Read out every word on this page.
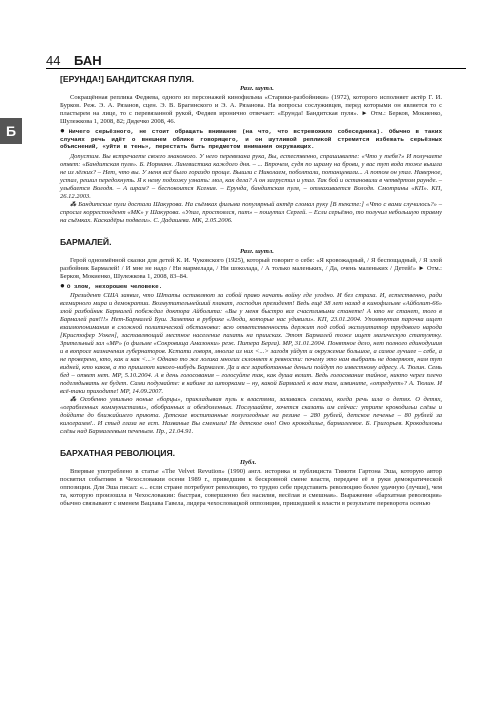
44 БАН
Б
[ЕРУНДА!] БАНДИТСКАЯ ПУЛЯ.
Разг. шутл.

Сокращённая реплика Федяева, одного из персонажей кинофильма «Старики-разбойники» (1972), которого исполняет актёр Г. И. Бурков. Реж. Э. А. Рязанов, сцен. Э. В. Брагинского и Э. А. Рязанова. На вопросы сослуживцев, перед которыми он является то с пластырем на лице, то с перевязанной рукой, Федяев иронично отвечает: «Ерунда! Бандитская пуля». ► Отм.: Берков, Мокиенко, Шулежкова 1, 2008, 82; Дядечко 2008, 46.

● Ничего серьёзного, не стоит обращать внимание (на что, что встревожило собеседника). Обычно в таких случаях речь идёт о внешнем облике говорящего, и он шутливой репликой стремится избежать серьёзных объяснений, «уйти в тень», перестать быть предметом внимания окружающих.

Допустим. Вы встречаете своего знакомого. У него перевязана рука, Вы, естественно, спрашиваете: «Что у тебя?» И получаете ответ: «Бандитская пуля». Б. Норманн. Лингвистика каждого дня. – ... Впрочем, судя по шраму на брови, у вас тут вода тоже вышла не из лёгких? – Нет, что вы. У меня всё было гораздо проще. Вышли с Николаем, поболтали, потанцевали... А потом он упал. Наверное, устал, решил передохнуть. Я к нему подхожу узнать: мол, как дела? А он загрустил и упал. Так бой и остановили в четвёртом раунде. – улыбается Володя. – А шрам? – беспокоится Ксения. – Ерунда, бандитская пуля, – отмахивается Володя. Смотрины «КП». КП, 26.12.2003.

⁂ Бандитские пули достали Шакурова. На съёмках фильма популярный актёр сломал руку [В тексте:] «Что с вами случилось?» – спросил корреспондент «МК» у Шакурова. «Упал, простоялся, пит» – пошутил Сергей. – Если серьёзно, то получил небольшую травму на съёмках. Каскадёры подвели». С. Дадашева. МК, 2.05.2006.

БАРМАЛЕЙ.
Разг. шутл.

Герой одноимённой сказки для детей К. И. Чуковского (1925), который говорит о себе: «Я кровожадный, / Я беспощадный, / Я злой разбойник Бармалей! / И мне не надо / Ни мармелада, / Ни шоколада, / А только маленьких, / Да, очень маленьких / Детей!» ► Отм.: Берков, Мокиенко, Шулежкова 1, 2008, 83–84.

● О злом, нехорошем человеке.

Президент США заявил, что Штаты оставляют за собой право начать войну где угодно. И без страха. И, естественно, ради всемирного мира и демократии. Возмутительнейший плакат, господин президент! Ведь ещё 38 лет назад в кинофильме «Айболит-66» злой разбойник Бармалей побеждал доктора Айболита: «Вы у меня быстро все счастливыми станете! А кто не станет, того в Бармалей рая!!!» Нет-Бармалей Буш. Заметка в рубрике «Люди, которые нас удивили». КП, 23.01.2004. Упомянутая парочка ищет взаимопонимания в сложной политической обстановке: всю ответственность держит под собой эксплуататор трудового народа [Кристофер Уокен], заставляющий местное население пахать на приисках. Этот Бармалей тоже ищет магическую статуэтку. Зрительный зал «МР» (о фильме «Сокровища Амазонки» реж. Питера Берга). МР, 31.01.2004. Понятное дело, нет полного единодушия и в вопросе назначения губернаторов. Кстати говоря, многие из них <...> загодя уйдут и окружение большое, а самое лучшее – себе, а не проверено, кто, как и как <...> Однако то же логика многих склоняет к ревности: почему это нам выбрать не доверяют, нам тут видней, кто каков, а то пришлют какого-нибудь Бармалея. Да и все заработанные деньги пойдут по известному адресу. А. Тюлин. Семь бед – ответ нет. МР, 5.10.2004. А в день голосования – голосуйте так, как душа велит. Ведь голосование тайное, никто через плечо подглядывать не будет. Сами подумайте: в кабине за шторками – ну, какой Бармалей к вам там, извините, «отредует»? А. Тюлин. И всё-таки приходите! МР, 14.09.2007.

⁂ Особенно умильно ноные «борцы», прикладывая пуль к властями, заливаясь слезами, когда речь шла о детях. О детях, «ограбленных коммунистами», обобранных и обездоленных. Послушайте, хочется сказать им сейчас: утрите крокодильи слёзы и дойдите до ближайшего приюта. Детские воспитанные полуголодные на резине – 280 рублей, детское печенье – 80 рублей за килограмм!.. И стыд глаза не ест. Названые Вы сменили! Не детское оно! Оно крокодилье, бармалеевоe. Б. Григорьев. Крокодиловы слёзы над Бармалеевым печеньем. Пр., 21.04.91.

БАРХАТНАЯ РЕВОЛЮЦИЯ.
Публ.

Впервые употреблено в статье «The Velvet Revution» (1990) англ. историка и публициста Тимоти Гартона Эша, которую автор посвятил событиям в Чехословакии осени 1989 г., приведшим к бескровной смене власти, передаче её в руки демократической оппозиции. Для Эша писал: «... если стране потребуют революцию, то трудно себе представить революцию более удачную (лучше), чем та, которую произошла в Чехословакии: быстрая, совершенно без насилия, весёлая и смешная». Выражение «бархатная революция» обычно связывают с именем Вацлава Гавела, лидера чехословацкой оппозиции, пришедшей к власти в результате переворота осенью
